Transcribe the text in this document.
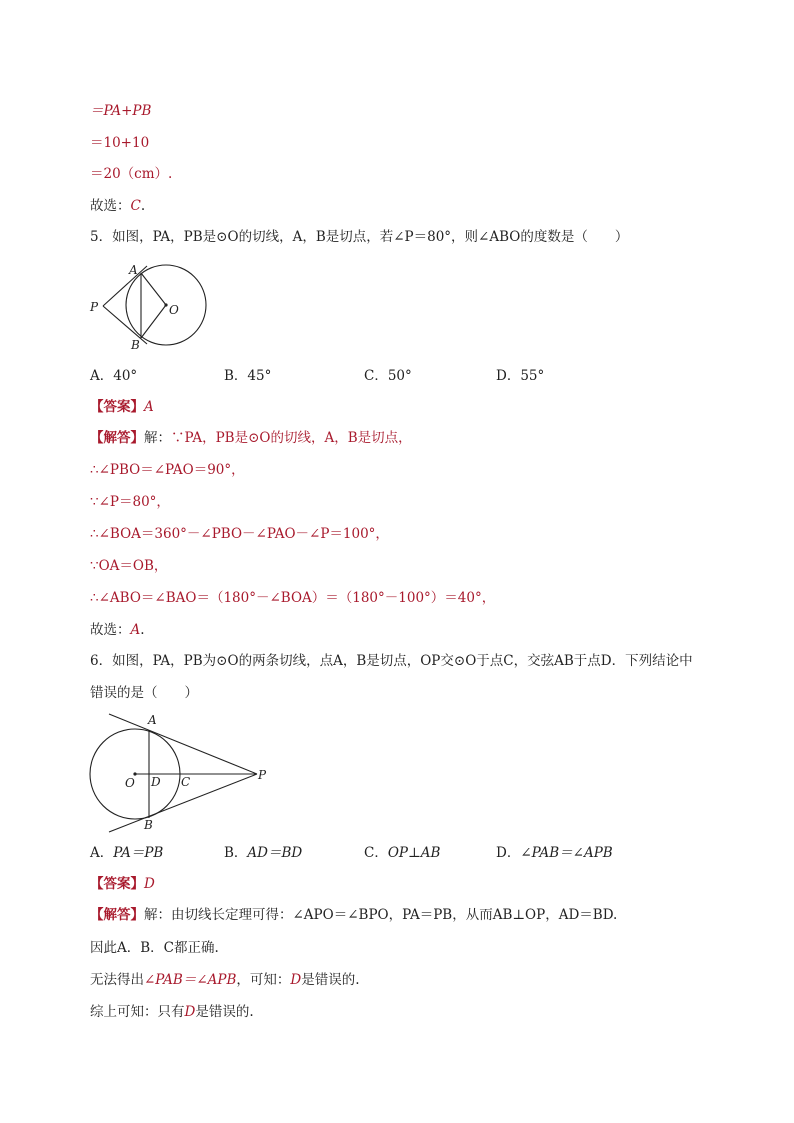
＝PA+PB
＝10+10
＝20（cm）.
故选：C.
5．如图，PA，PB是⊙O的切线，A，B是切点，若∠P＝80°，则∠ABO的度数是（　　）
A
B
P	O
A．40°	B．45°	C．50°	D．55°
【答案】A
【解答】解：∵PA，PB是⊙O的切线，A，B是切点，
∴∠PBO＝∠PAO＝90°，
∵∠P＝80°，
∴∠BOA＝360°－∠PBO－∠PAO－∠P＝100°，
∵OA＝OB，
∴∠ABO＝∠BAO＝（180°－∠BOA）＝（180°－100°）＝40°，
故选：A.
6．如图，PA，PB为⊙O的两条切线，点A，B是切点，OP交⊙O于点C，交弦AB于点D．下列结论中
错误的是（　　）
A
B
P
O D C
A．PA＝PB	B．AD＝BD	C．OP⊥AB	D．∠PAB＝∠APB
【答案】D
【解答】解：由切线长定理可得：∠APO＝∠BPO，PA＝PB，从而AB⊥OP，AD＝BD.
因此A．B．C都正确.
无法得出∠PAB＝∠APB，可知：D是错误的.
综上可知：只有D是错误的.
